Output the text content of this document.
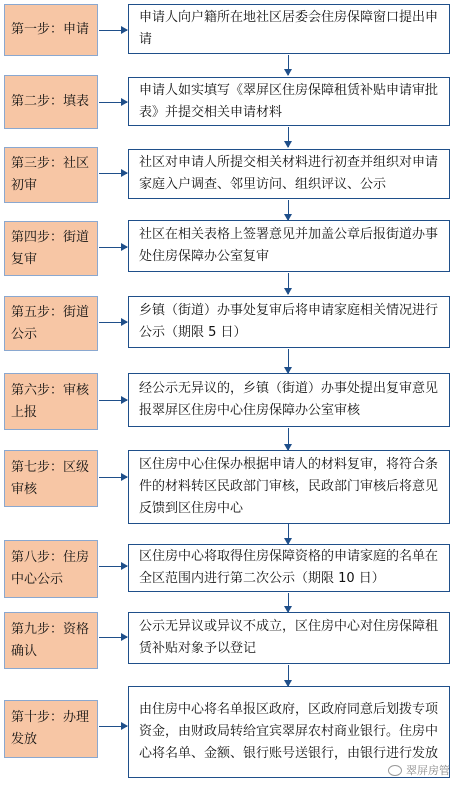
第一步：申请
申请人向户籍所在地社区居委会住房保障窗口提出申请
第二步：填表
申请人如实填写《翠屏区住房保障租赁补贴申请审批表》并提交相关申请材料
第三步：社区初审
社区对申请人所提交相关材料进行初查并组织对申请家庭入户调查、邻里访问、组织评议、公示
第四步：街道复审
社区在相关表格上签署意见并加盖公章后报街道办事处住房保障办公室复审
第五步：街道公示
乡镇（街道）办事处复审后将申请家庭相关情况进行公示（期限 5 日）
第六步：审核上报
经公示无异议的，乡镇（街道）办事处提出复审意见报翠屏区住房中心住房保障办公室审核
第七步：区级审核
区住房中心住保办根据申请人的材料复审，将符合条件的材料转区民政部门审核，民政部门审核后将意见反馈到区住房中心
第八步：住房中心公示
区住房中心将取得住房保障资格的申请家庭的名单在全区范围内进行第二次公示（期限 10 日）
第九步：资格确认
公示无异议或异议不成立，区住房中心对住房保障租赁补贴对象予以登记
第十步：办理发放
由住房中心将名单报区政府，区政府同意后划拨专项资金，由财政局转给宜宾翠屏农村商业银行。住房中心将名单、金额、银行账号送银行，由银行进行发放
翠屏房管
